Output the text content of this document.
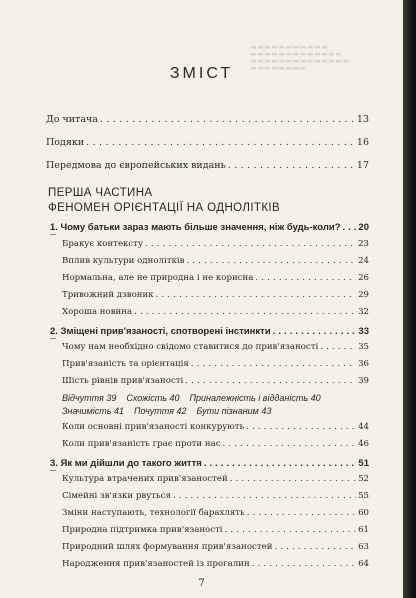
▬▬▬▬▬▬▬▬▬▬▬
▬▬▬▬▬▬▬▬▬▬▬▬▬
▬▬▬▬▬▬▬▬▬▬▬▬▬▬
▬▬▬▬▬▬▬▬
ЗМІСТ
До читача . . .	13
Подяки . . .	16
Передмова до європейських видань . . .	17
ПЕРША ЧАСТИНА
ФЕНОМЕН ОРІЄНТАЦІЇ НА ОДНОЛІТКІВ
1. Чому батьки зараз мають більше значення, ніж будь-коли? . . . 20
Бракує контексту . . .	23
Вплив культури однолітків . . .	24
Нормальна, але не природна і не корисна . . .	26
Тривожний дзвоник . . .	29
Хороша новина . . .	32
2. Зміщені прив'язаності, спотворені інстинкти . . .	33
Чому нам необхідно свідомо ставитися до прив'язаності . . .	35
Прив'язаність та орієнтація . . .	36
Шість рівнів прив'язаності . . .	39
Відчуття 39 Схожість 40 Приналежність і відданість 40
Значимість 41 Почуття 42 Бути пізнаним 43
Коли основні прив'язаності конкурують . . .	44
Коли прив'язаність грає проти нас . . .	46
3. Як ми дійшли до такого життя . . .	51
Культура втрачених прив'язаностей . . .	52
Сімейні зв'язки рвуться . . .	55
Зміни наступають, технології барахлять . . .	60
Природна підтримка прив'язаності . . .	61
Природний шлях формування прив'язаностей . . .	63
Народження прив'язаностей із прогалин . . .	64
7
